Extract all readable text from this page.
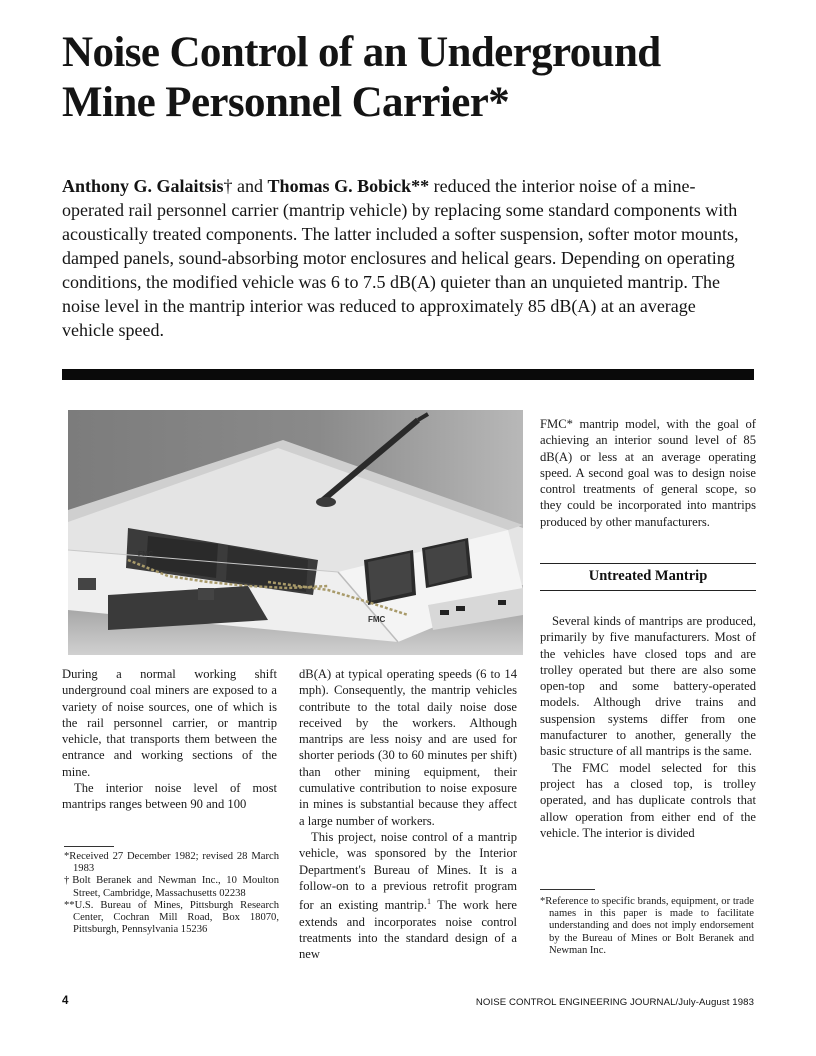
Noise Control of an Underground
Mine Personnel Carrier*

Anthony G. Galaitsis† and Thomas G. Bobick** reduced the interior noise of a mine-operated rail personnel carrier (mantrip vehicle) by replacing some standard components with acoustically treated components. The latter included a softer suspension, softer motor mounts, damped panels, sound-absorbing motor enclosures and helical gears. Depending on operating conditions, the modified vehicle was 6 to 7.5 dB(A) quieter than an unquieted mantrip. The noise level in the mantrip interior was reduced to approximately 85 dB(A) at an average vehicle speed.

FMC
FMC

During a normal working shift underground coal miners are exposed to a variety of noise sources, one of which is the rail personnel carrier, or mantrip vehicle, that transports them between the entrance and working sections of the mine.

The interior noise level of most mantrips ranges between 90 and 100

dB(A) at typical operating speeds (6 to 14 mph). Consequently, the mantrip vehicles contribute to the total daily noise dose received by the workers. Although mantrips are less noisy and are used for shorter periods (30 to 60 minutes per shift) than other mining equipment, their cumulative contribution to noise exposure in mines is substantial because they affect a large number of workers.

This project, noise control of a mantrip vehicle, was sponsored by the Interior Department's Bureau of Mines. It is a follow-on to a previous retrofit program for an existing mantrip.$^1$ The work here extends and incorporates noise control treatments into the standard design of a new

FMC* mantrip model, with the goal of achieving an interior sound level of 85 dB(A) or less at an average operating speed. A second goal was to design noise control treatments of general scope, so they could be incorporated into mantrips produced by other manufacturers.

Untreated Mantrip

Several kinds of mantrips are produced, primarily by five manufacturers. Most of the vehicles have closed tops and are trolley operated but there are also some open-top and some battery-operated models. Although drive trains and suspension systems differ from one manufacturer to another, generally the basic structure of all mantrips is the same.

The FMC model selected for this project has a closed top, is trolley operated, and has duplicate controls that allow operation from either end of the vehicle. The interior is divided

*Received 27 December 1982; revised 28 March 1983

†Bolt Beranek and Newman Inc., 10 Moulton Street, Cambridge, Massachusetts 02238

**U.S. Bureau of Mines, Pittsburgh Research Center, Cochran Mill Road, Box 18070, Pittsburgh, Pennsylvania 15236

*Reference to specific brands, equipment, or trade names in this paper is made to facilitate understanding and does not imply endorsement by the Bureau of Mines or Bolt Beranek and Newman Inc.

4	NOISE CONTROL ENGINEERING JOURNAL/July-August 1983
